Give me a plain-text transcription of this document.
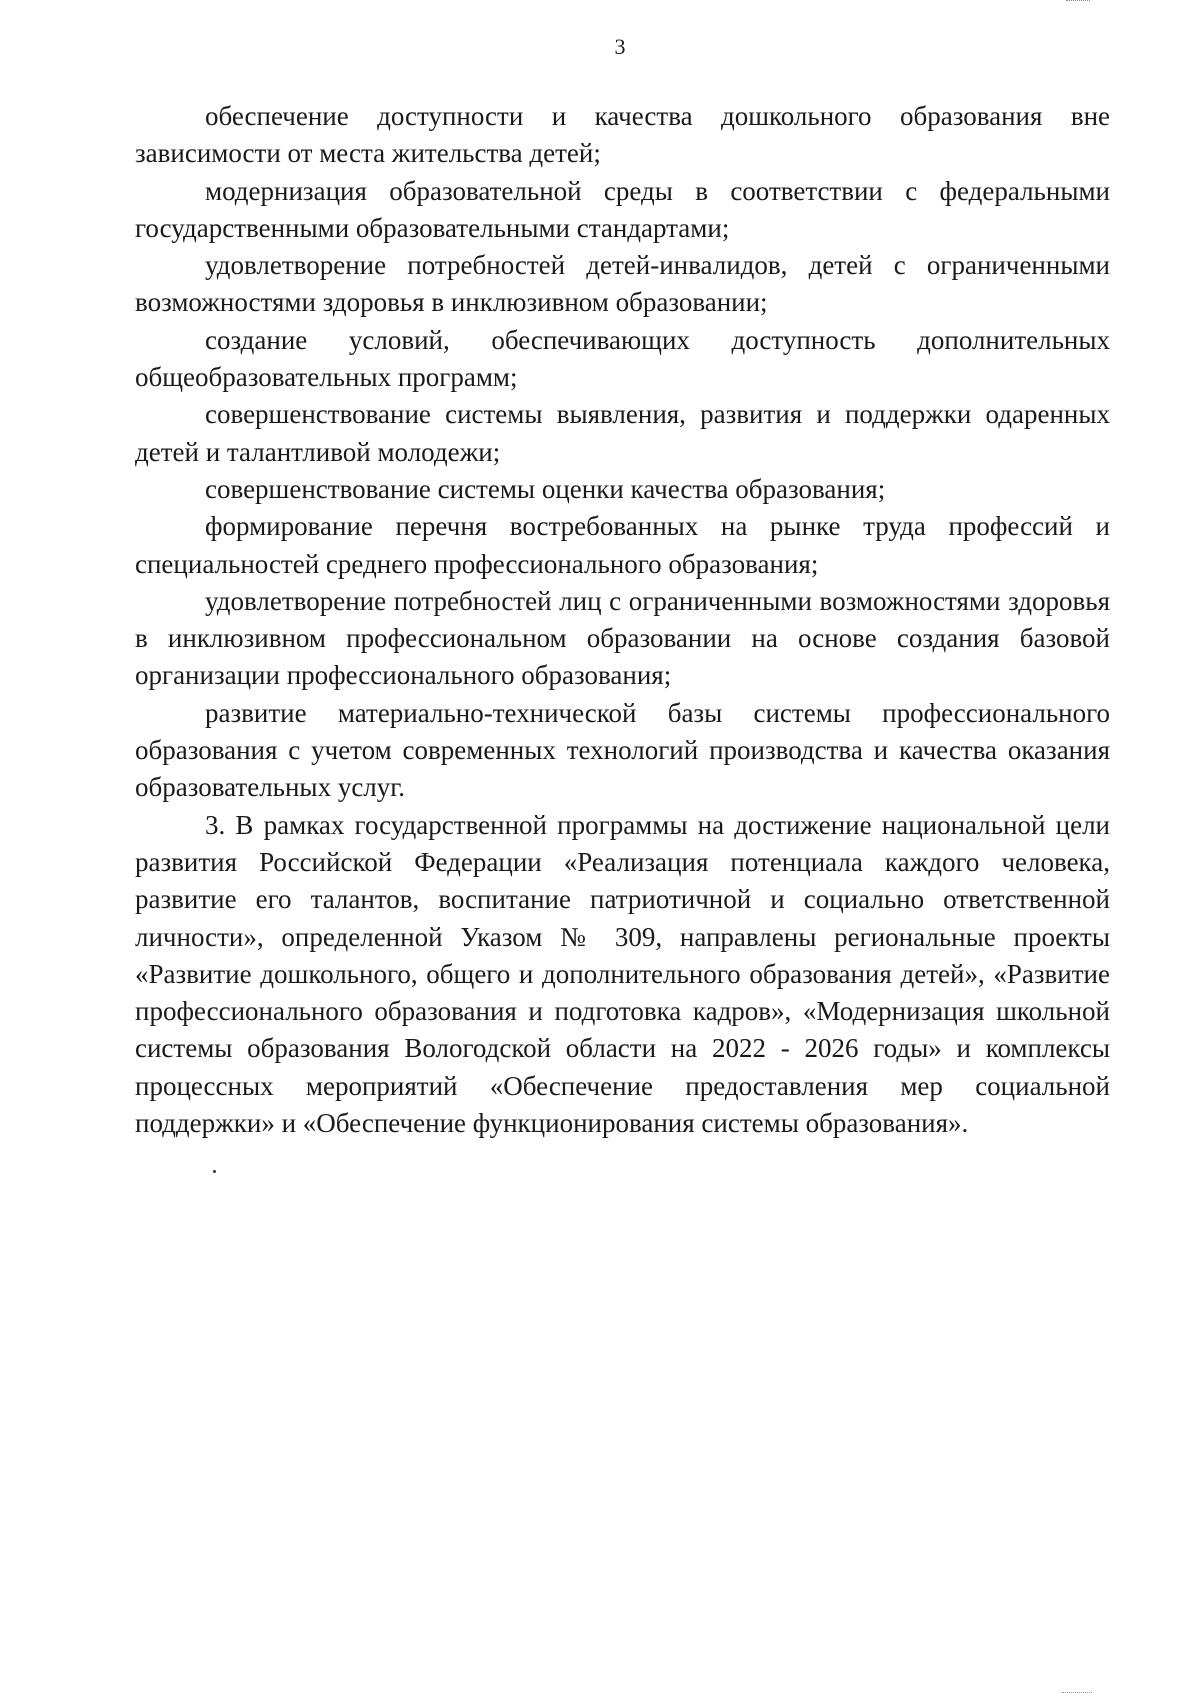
3

обеспечение доступности и качества дошкольного образования вне зависимости от места жительства детей;

модернизация образовательной среды в соответствии с федеральными государственными образовательными стандартами;

удовлетворение потребностей детей-инвалидов, детей с ограниченными возможностями здоровья в инклюзивном образовании;

создание условий, обеспечивающих доступность дополнительных общеобразовательных программ;

совершенствование системы выявления, развития и поддержки одаренных детей и талантливой молодежи;

совершенствование системы оценки качества образования;

формирование перечня востребованных на рынке труда профессий и специальностей среднего профессионального образования;

удовлетворение потребностей лиц с ограниченными возможностями здоровья в инклюзивном профессиональном образовании на основе создания базовой организации профессионального образования;

развитие материально-технической базы системы профессионального образования с учетом современных технологий производства и качества оказания образовательных услуг.

3. В рамках государственной программы на достижение национальной цели развития Российской Федерации «Реализация потенциала каждого человека, развитие его талантов, воспитание патриотичной и социально ответственной личности», определенной Указом № 309, направлены региональные проекты «Развитие дошкольного, общего и дополнительного образования детей», «Развитие профессионального образования и подготовка кадров», «Модернизация школьной системы образования Вологодской области на 2022 - 2026 годы» и комплексы процессных мероприятий «Обеспечение предоставления мер социальной поддержки» и «Обеспечение функционирования системы образования».
